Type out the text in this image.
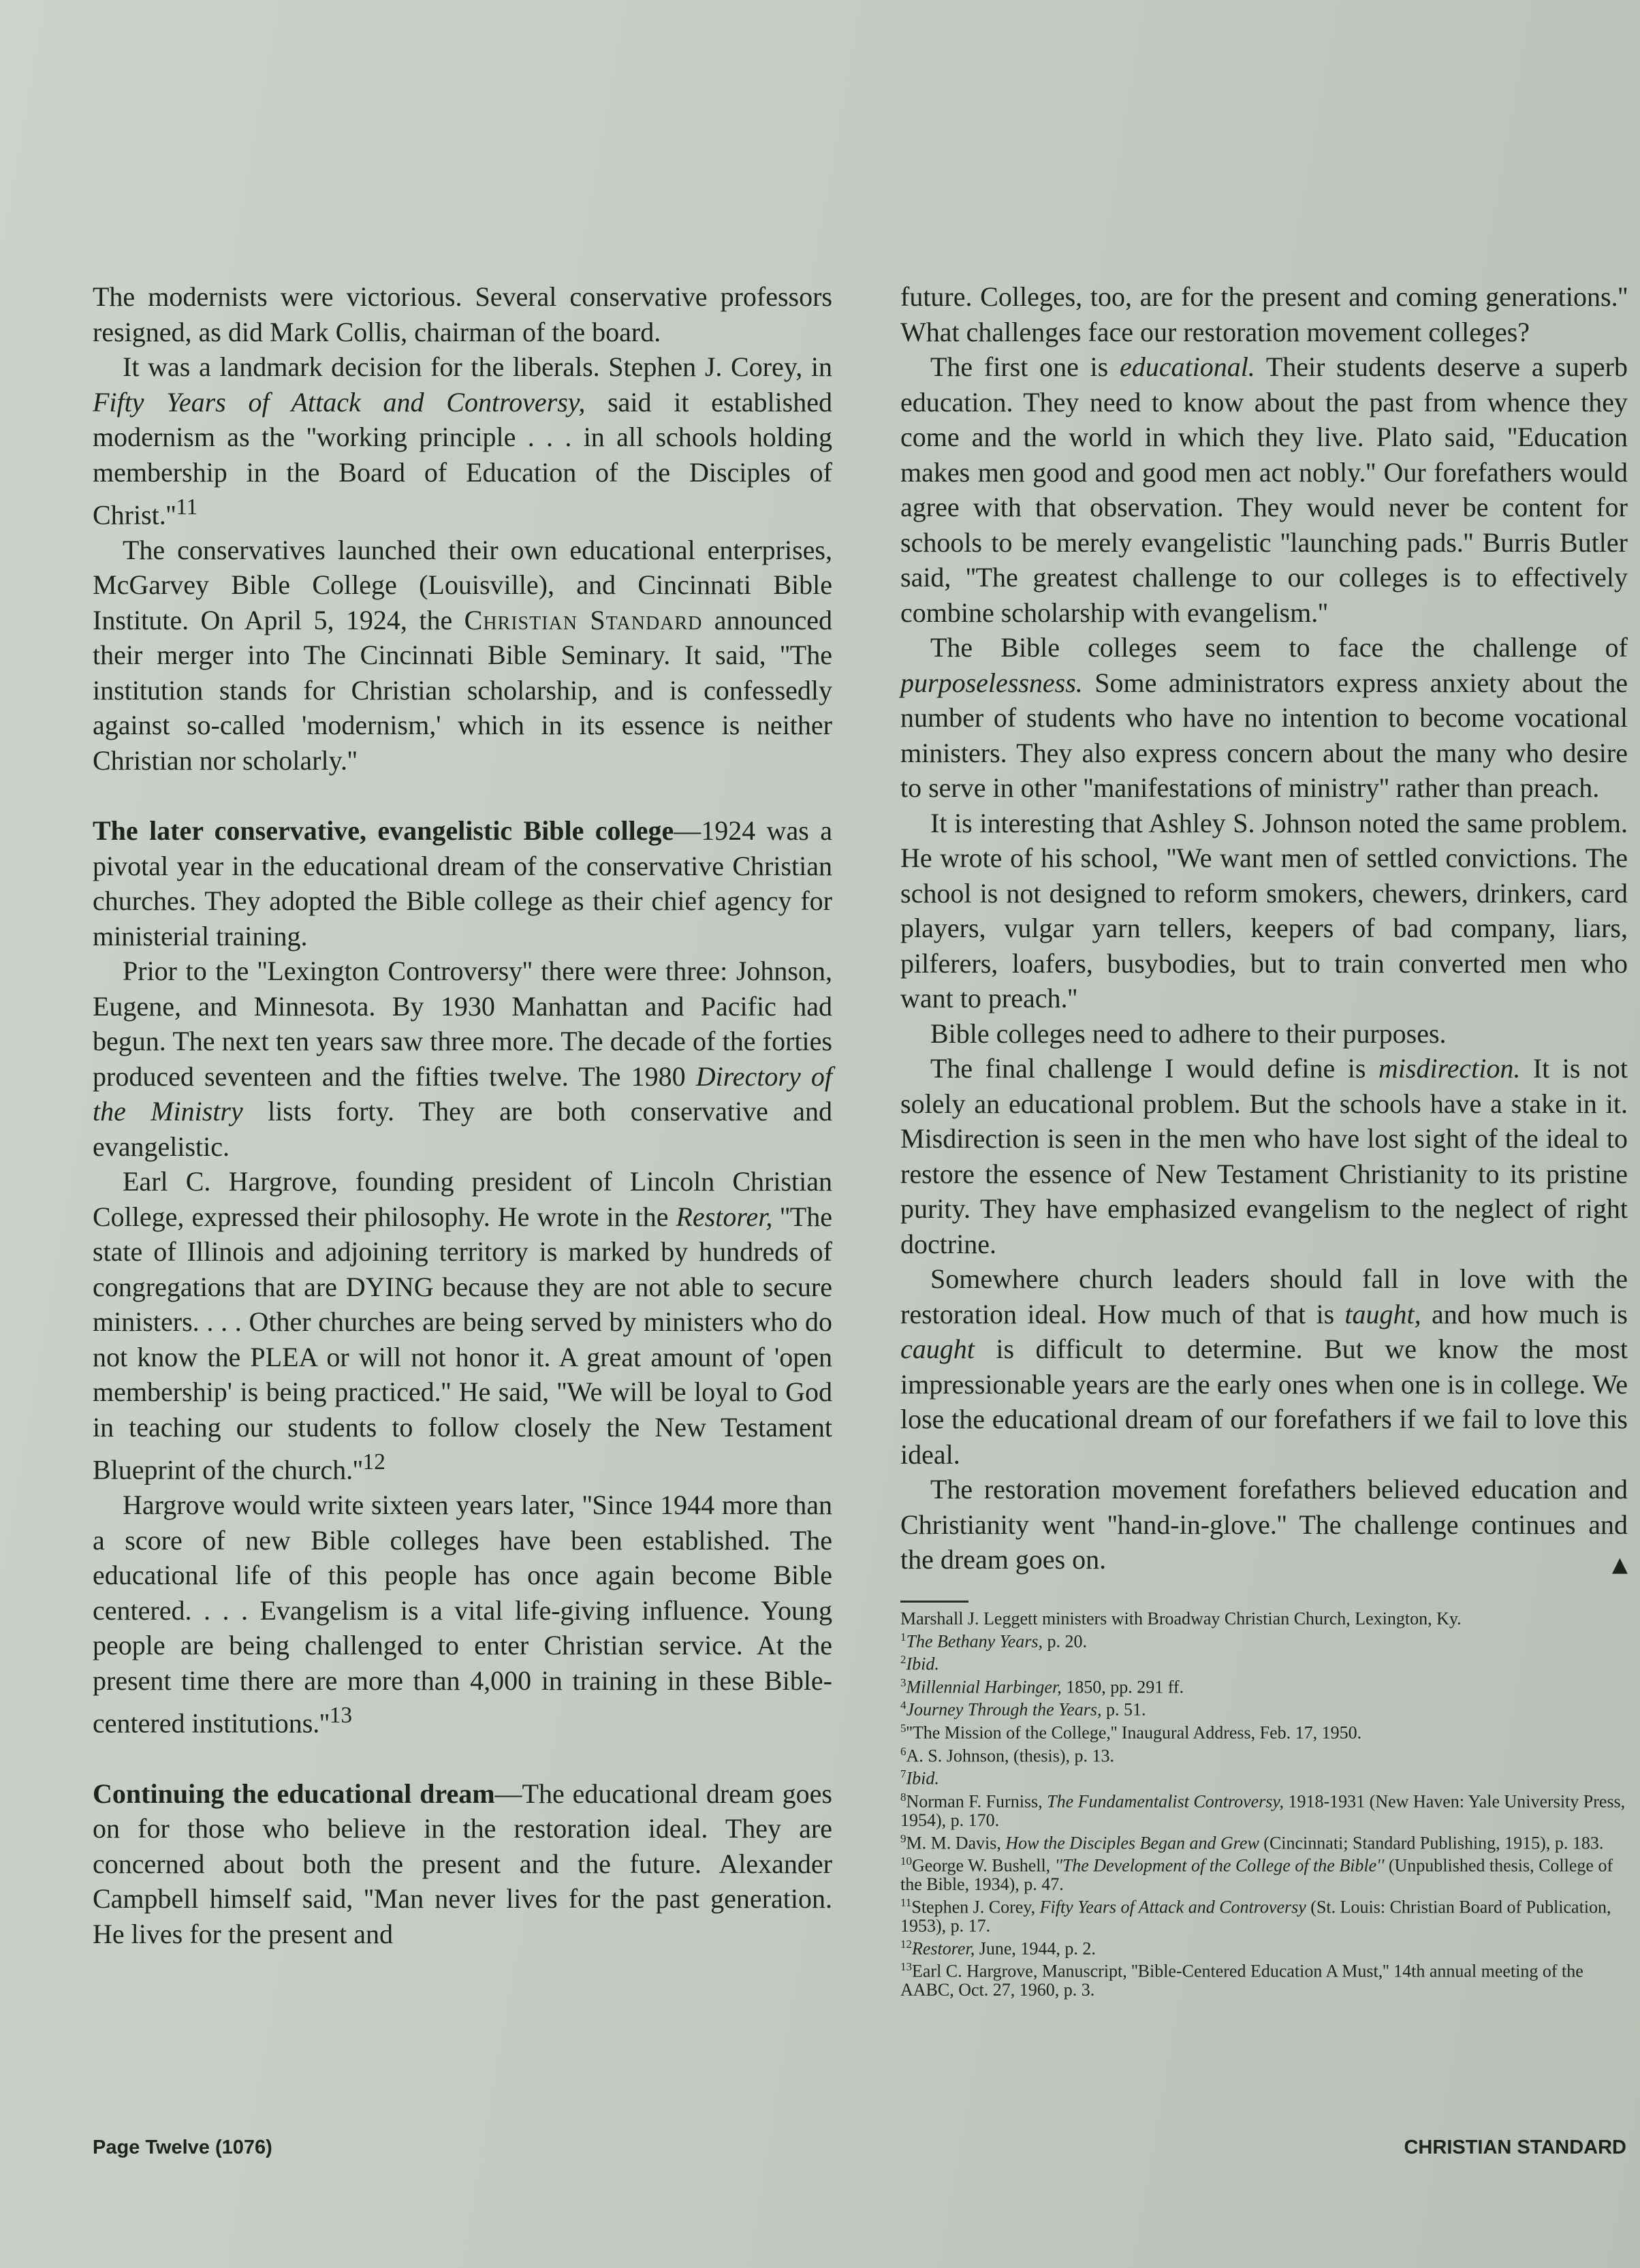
The modernists were victorious. Several conservative professors resigned, as did Mark Collis, chairman of the board.

It was a landmark decision for the liberals. Stephen J. Corey, in Fifty Years of Attack and Controversy, said it established modernism as the ''working principle . . . in all schools holding membership in the Board of Education of the Disciples of $Christ.''^{11}$

The conservatives launched their own educational enterprises, McGarvey Bible College (Louisville), and Cincinnati Bible Institute. On April 5, 1924, the Christian Standard announced their merger into The Cincinnati Bible Seminary. It said, ''The institution stands for Christian scholarship, and is confessedly against so-called 'modernism,' which in its essence is neither Christian nor scholarly.''

The later conservative, evangelistic Bible college—1924 was a pivotal year in the educational dream of the conservative Christian churches. They adopted the Bible college as their chief agency for ministerial training.

Prior to the ''Lexington Controversy'' there were three: Johnson, Eugene, and Minnesota. By 1930 Manhattan and Pacific had begun. The next ten years saw three more. The decade of the forties produced seventeen and the fifties twelve. The 1980 Directory of the Ministry lists forty. They are both conservative and evangelistic.

Earl C. Hargrove, founding president of Lincoln Christian College, expressed their philosophy. He wrote in the Restorer, ''The state of Illinois and adjoining territory is marked by hundreds of congregations that are DYING because they are not able to secure ministers. . . . Other churches are being served by ministers who do not know the PLEA or will not honor it. A great amount of 'open membership' is being practiced.'' He said, ''We will be loyal to God in teaching our students to follow closely the New Testament Blueprint of the $church.''^{12}$

Hargrove would write sixteen years later, ''Since 1944 more than a score of new Bible colleges have been established. The educational life of this people has once again become Bible centered. . . . Evangelism is a vital life-giving influence. Young people are being challenged to enter Christian service. At the present time there are more than 4,000 in training in these Bible-centered $institutions.''^{13}$

Continuing the educational dream—The educational dream goes on for those who believe in the restoration ideal. They are concerned about both the present and the future. Alexander Campbell himself said, ''Man never lives for the past generation. He lives for the present and

future. Colleges, too, are for the present and coming generations.'' What challenges face our restoration movement colleges?

The first one is educational. Their students deserve a superb education. They need to know about the past from whence they come and the world in which they live. Plato said, ''Education makes men good and good men act nobly.'' Our forefathers would agree with that observation. They would never be content for schools to be merely evangelistic ''launching pads.'' Burris Butler said, ''The greatest challenge to our colleges is to effectively combine scholarship with evangelism.''

The Bible colleges seem to face the challenge of purposelessness. Some administrators express anxiety about the number of students who have no intention to become vocational ministers. They also express concern about the many who desire to serve in other ''manifestations of ministry'' rather than preach.

It is interesting that Ashley S. Johnson noted the same problem. He wrote of his school, ''We want men of settled convictions. The school is not designed to reform smokers, chewers, drinkers, card players, vulgar yarn tellers, keepers of bad company, liars, pilferers, loafers, busybodies, but to train converted men who want to preach.''

Bible colleges need to adhere to their purposes.

The final challenge I would define is misdirection. It is not solely an educational problem. But the schools have a stake in it. Misdirection is seen in the men who have lost sight of the ideal to restore the essence of New Testament Christianity to its pristine purity. They have emphasized evangelism to the neglect of right doctrine.

Somewhere church leaders should fall in love with the restoration ideal. How much of that is taught, and how much is caught is difficult to determine. But we know the most impressionable years are the early ones when one is in college. We lose the educational dream of our forefathers if we fail to love this ideal.

The restoration movement forefathers believed education and Christianity went ''hand-in-glove.'' The challenge continues and the dream goes on.	▲

Marshall J. Leggett ministers with Broadway Christian Church, Lexington, Ky.

$^1$The Bethany Years, p. 20.

$^2$Ibid.

$^3$Millennial Harbinger, 1850, pp. 291 ff.

$^4$Journey Through the Years, p. 51.

$^5$''The Mission of the College,'' Inaugural Address, Feb. 17, 1950.

$^6$A. S. Johnson, (thesis), p. 13.

$^7$Ibid.

$^8$Norman F. Furniss, The Fundamentalist Controversy, 1918-1931 (New Haven: Yale University Press, 1954), p. 170.

$^9$M. M. Davis, How the Disciples Began and Grew (Cincinnati; Standard Publishing, 1915), p. 183.

$^{10}$George W. Bushell, ''The Development of the College of the Bible'' (Unpublished thesis, College of the Bible, 1934), p. 47.

$^{11}$Stephen J. Corey, Fifty Years of Attack and Controversy (St. Louis: Christian Board of Publication, 1953), p. 17.

$^{12}$Restorer, June, 1944, p. 2.

$^{13}$Earl C. Hargrove, Manuscript, ''Bible-Centered Education A Must,'' 14th annual meeting of the AABC, Oct. 27, 1960, p. 3.

Page Twelve (1076)	CHRISTIAN STANDARD
